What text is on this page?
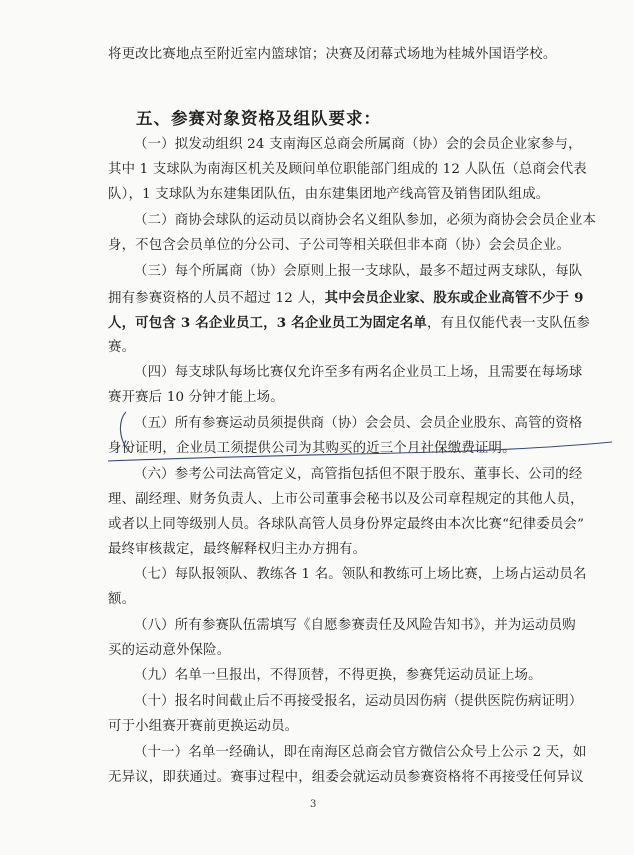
将更改比赛地点至附近室内篮球馆；决赛及闭幕式场地为桂城外国语学校。
五、参赛对象资格及组队要求：
（一）拟发动组织 24 支南海区总商会所属商（协）会的会员企业家参与，
其中 1 支球队为南海区机关及顾问单位职能部门组成的 12 人队伍（总商会代表
队），1 支球队为东建集团队伍，由东建集团地产线高管及销售团队组成。
（二）商协会球队的运动员以商协会名义组队参加，必须为商协会会员企业本
身，不包含会员单位的分公司、子公司等相关联但非本商（协）会会员企业。
（三）每个所属商（协）会原则上报一支球队，最多不超过两支球队，每队
拥有参赛资格的人员不超过 12 人，其中会员企业家、股东或企业高管不少于 9
人，可包含 3 名企业员工，3 名企业员工为固定名单，有且仅能代表一支队伍参
赛。
（四）每支球队每场比赛仅允许至多有两名企业员工上场，且需要在每场球
赛开赛后 10 分钟才能上场。
（五）所有参赛运动员须提供商（协）会会员、会员企业股东、高管的资格
身份证明，企业员工须提供公司为其购买的近三个月社保缴费证明。
（六）参考公司法高管定义，高管指包括但不限于股东、董事长、公司的经
理、副经理、财务负责人、上市公司董事会秘书以及公司章程规定的其他人员，
或者以上同等级别人员。各球队高管人员身份界定最终由本次比赛“纪律委员会”
最终审核裁定，最终解释权归主办方拥有。
（七）每队报领队、教练各 1 名。领队和教练可上场比赛，上场占运动员名
额。
（八）所有参赛队伍需填写《自愿参赛责任及风险告知书》，并为运动员购
买的运动意外保险。
（九）名单一旦报出，不得顶替，不得更换，参赛凭运动员证上场。
（十）报名时间截止后不再接受报名，运动员因伤病（提供医院伤病证明）
可于小组赛开赛前更换运动员。
（十一）名单一经确认，即在南海区总商会官方微信公众号上公示 2 天，如
无异议，即获通过。赛事过程中，组委会就运动员参赛资格将不再接受任何异议
3
